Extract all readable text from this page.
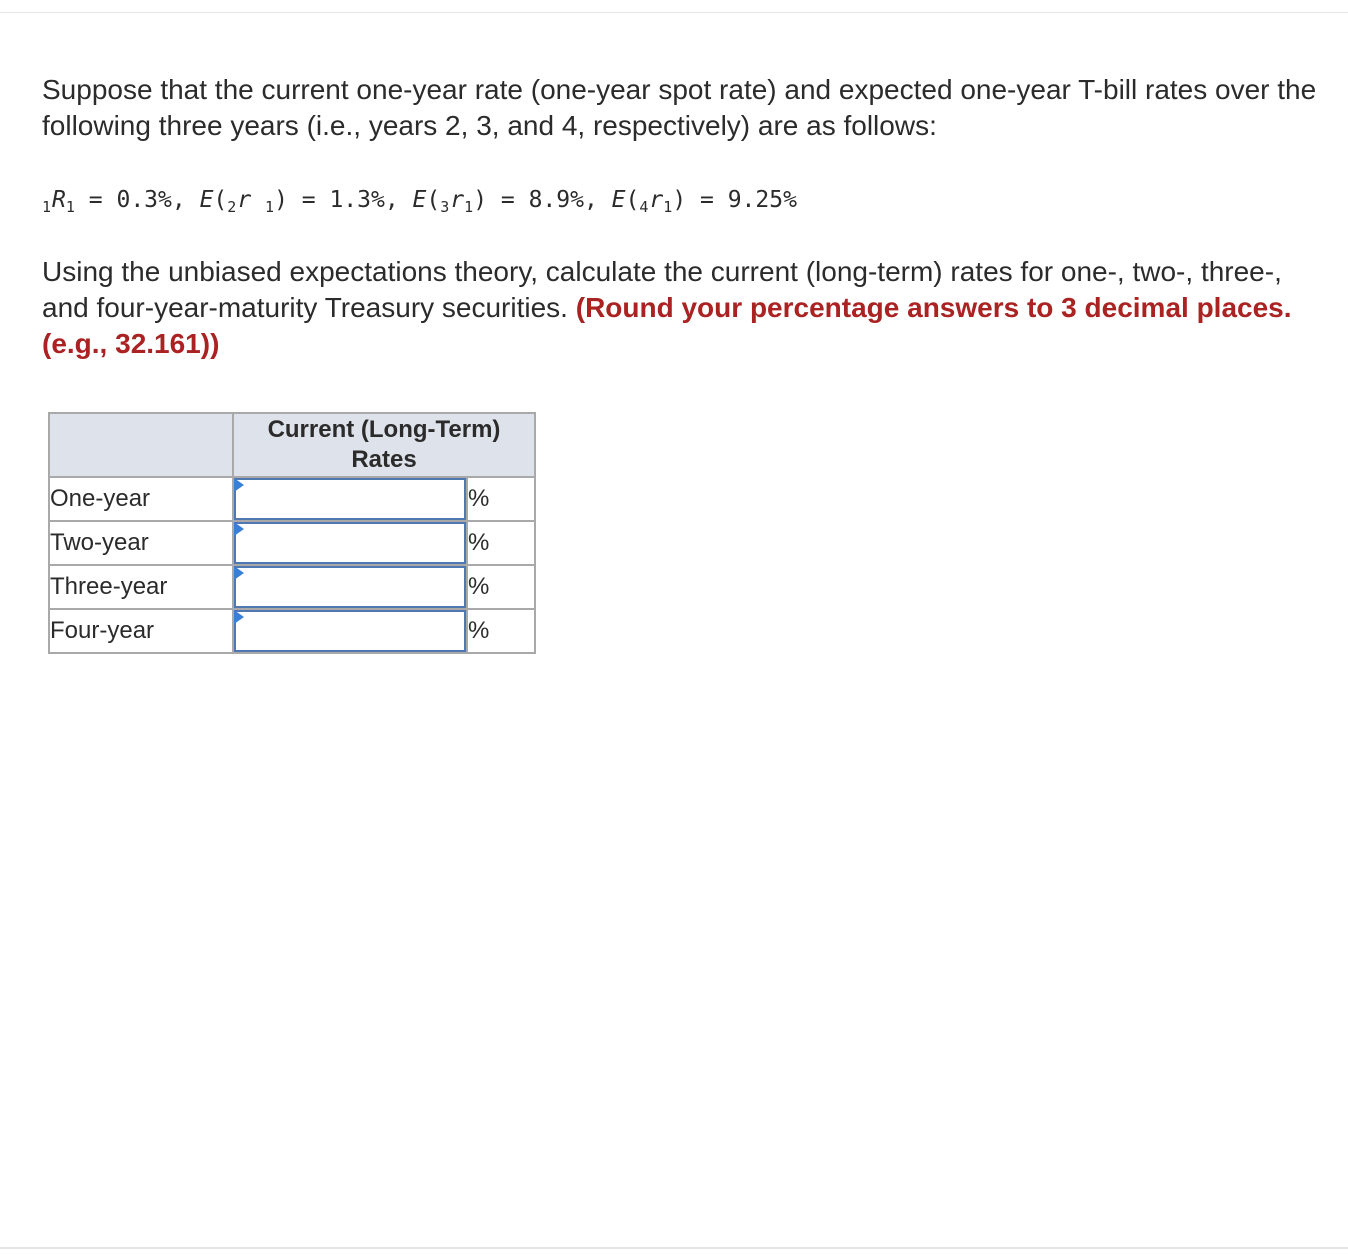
Suppose that the current one-year rate (one-year spot rate) and expected one-year T-bill rates over the following three years (i.e., years 2, 3, and 4, respectively) are as follows:

$_1R_1 = 0.3\%$, $E(_2r$ $_1$) = 1.3%, $E(_3r_1) = 8.9\%$, $E(_4r_1) = 9.25\%$

Using the unbiased expectations theory, calculate the current (long-term) rates for one-, two-, three-, and four-year-maturity Treasury securities. (Round your percentage answers to 3 decimal places. (e.g., 32.161))

	Current (Long-Term) Rates	
One-year		%
Two-year		%
Three-year		%
Four-year		%
